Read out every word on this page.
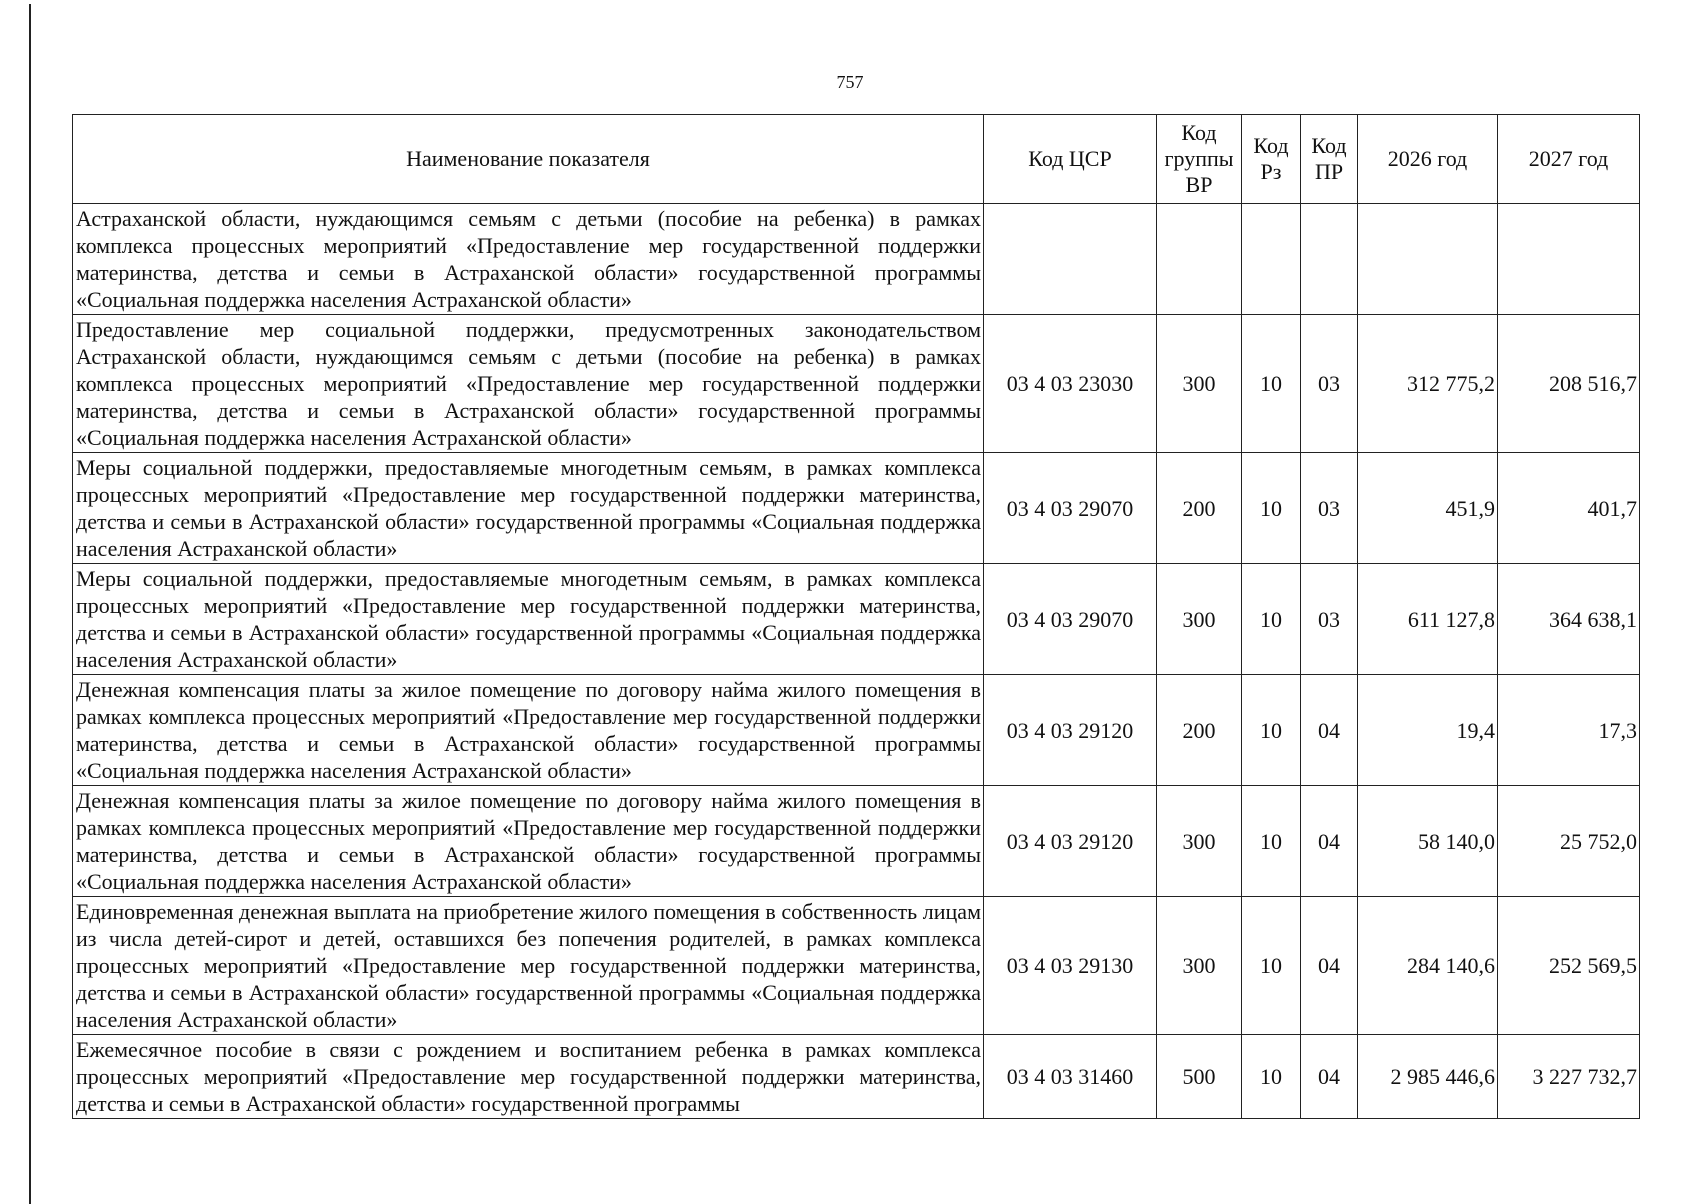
757
Наименование показателя	Код ЦСР	Код группы ВР	Код Рз	Код ПР	2026 год	2027 год
Астраханской области, нуждающимся семьям с детьми (пособие на ребенка) в рамках комплекса процессных мероприятий «Предоставление мер государственной поддержки материнства, детства и семьи в Астраханской области» государственной программы «Социальная поддержка населения Астраханской области»						
Предоставление мер социальной поддержки, предусмотренных законодательством Астраханской области, нуждающимся семьям с детьми (пособие на ребенка) в рамках комплекса процессных мероприятий «Предоставление мер государственной поддержки материнства, детства и семьи в Астраханской области» государственной программы «Социальная поддержка населения Астраханской области»	03 4 03 23030	300	10	03	312 775,2	208 516,7
Меры социальной поддержки, предоставляемые многодетным семьям, в рамках комплекса процессных мероприятий «Предоставление мер государственной поддержки материнства, детства и семьи в Астраханской области» государственной программы «Социальная поддержка населения Астраханской области»	03 4 03 29070	200	10	03	451,9	401,7
Меры социальной поддержки, предоставляемые многодетным семьям, в рамках комплекса процессных мероприятий «Предоставление мер государственной поддержки материнства, детства и семьи в Астраханской области» государственной программы «Социальная поддержка населения Астраханской области»	03 4 03 29070	300	10	03	611 127,8	364 638,1
Денежная компенсация платы за жилое помещение по договору найма жилого помещения в рамках комплекса процессных мероприятий «Предоставление мер государственной поддержки материнства, детства и семьи в Астраханской области» государственной программы «Социальная поддержка населения Астраханской области»	03 4 03 29120	200	10	04	19,4	17,3
Денежная компенсация платы за жилое помещение по договору найма жилого помещения в рамках комплекса процессных мероприятий «Предоставление мер государственной поддержки материнства, детства и семьи в Астраханской области» государственной программы «Социальная поддержка населения Астраханской области»	03 4 03 29120	300	10	04	58 140,0	25 752,0
Единовременная денежная выплата на приобретение жилого помещения в собственность лицам из числа детей-сирот и детей, оставшихся без попечения родителей, в рамках комплекса процессных мероприятий «Предоставление мер государственной поддержки материнства, детства и семьи в Астраханской области» государственной программы «Социальная поддержка населения Астраханской области»	03 4 03 29130	300	10	04	284 140,6	252 569,5
Ежемесячное пособие в связи с рождением и воспитанием ребенка в рамках комплекса процессных мероприятий «Предоставление мер государственной поддержки материнства, детства и семьи в Астраханской области» государственной программы	03 4 03 31460	500	10	04	2 985 446,6	3 227 732,7
